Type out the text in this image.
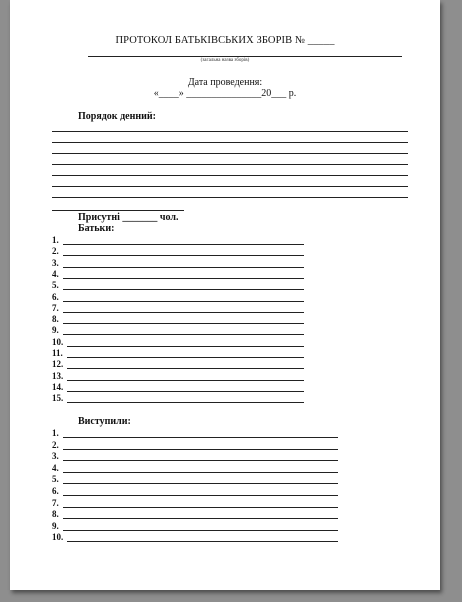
ПРОТОКОЛ БАТЬКІВСЬКИХ ЗБОРІВ № _____
(загальна назва зборів)
Дата проведення:
«____» _______________20___ р.
Порядок денний:
Присутні _______ чол.
Батьки:
1.
2.
3.
4.
5.
6.
7.
8.
9.
10.
11.
12.
13.
14.
15.
Виступили:
1.
2.
3.
4.
5.
6.
7.
8.
9.
10.
